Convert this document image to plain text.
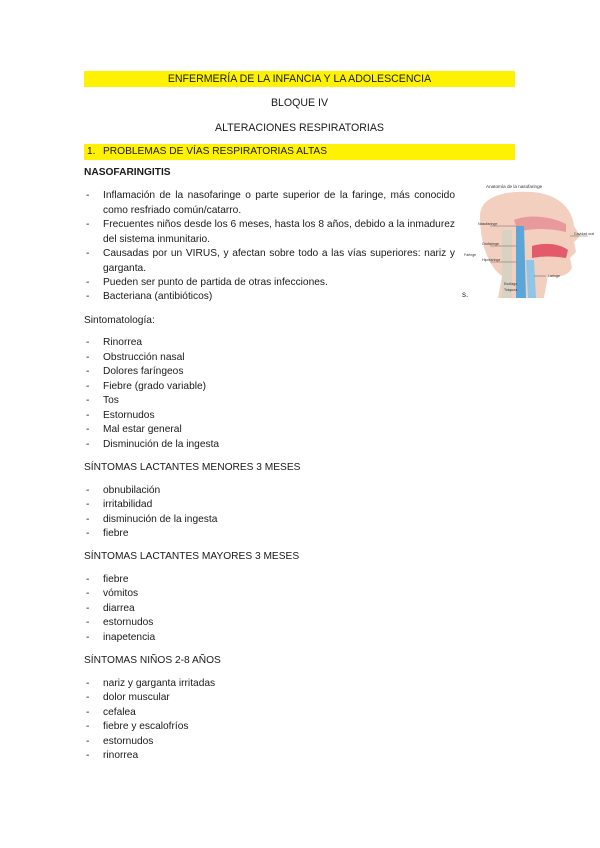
ENFERMERÍA DE LA INFANCIA Y LA ADOLESCENCIA
BLOQUE IV
ALTERACIONES RESPIRATORIAS
1. PROBLEMAS DE VÍAS RESPIRATORIAS ALTAS
NASOFARINGITIS
- Inflamación de la nasofaringe o parte superior de la faringe, más conocido como resfriado común/catarro.
- Frecuentes niños desde los 6 meses, hasta los 8 años, debido a la inmadurez del sistema inmunitario.
- Causadas por un VIRUS, y afectan sobre todo a las vías superiores: nariz y garganta.
- Pueden ser punto de partida de otras infecciones.
- Bacteriana (antibióticos)
Anatomía de la nasofaringe
Nasofaringe
Cavidad oral
Faringe
Orofaringe
Hipofaringe
Laringe
Esófago
Tráquea
s.
Sintomatología:
- Rinorrea
- Obstrucción nasal
- Dolores faríngeos
- Fiebre (grado variable)
- Tos
- Estornudos
- Mal estar general
- Disminución de la ingesta
SÍNTOMAS LACTANTES MENORES 3 MESES
- obnubilación
- irritabilidad
- disminución de la ingesta
- fiebre
SÍNTOMAS LACTANTES MAYORES 3 MESES
- fiebre
- vómitos
- diarrea
- estornudos
- inapetencia
SÍNTOMAS NIÑOS 2-8 AÑOS
- nariz y garganta irritadas
- dolor muscular
- cefalea
- fiebre y escalofríos
- estornudos
- rinorrea
